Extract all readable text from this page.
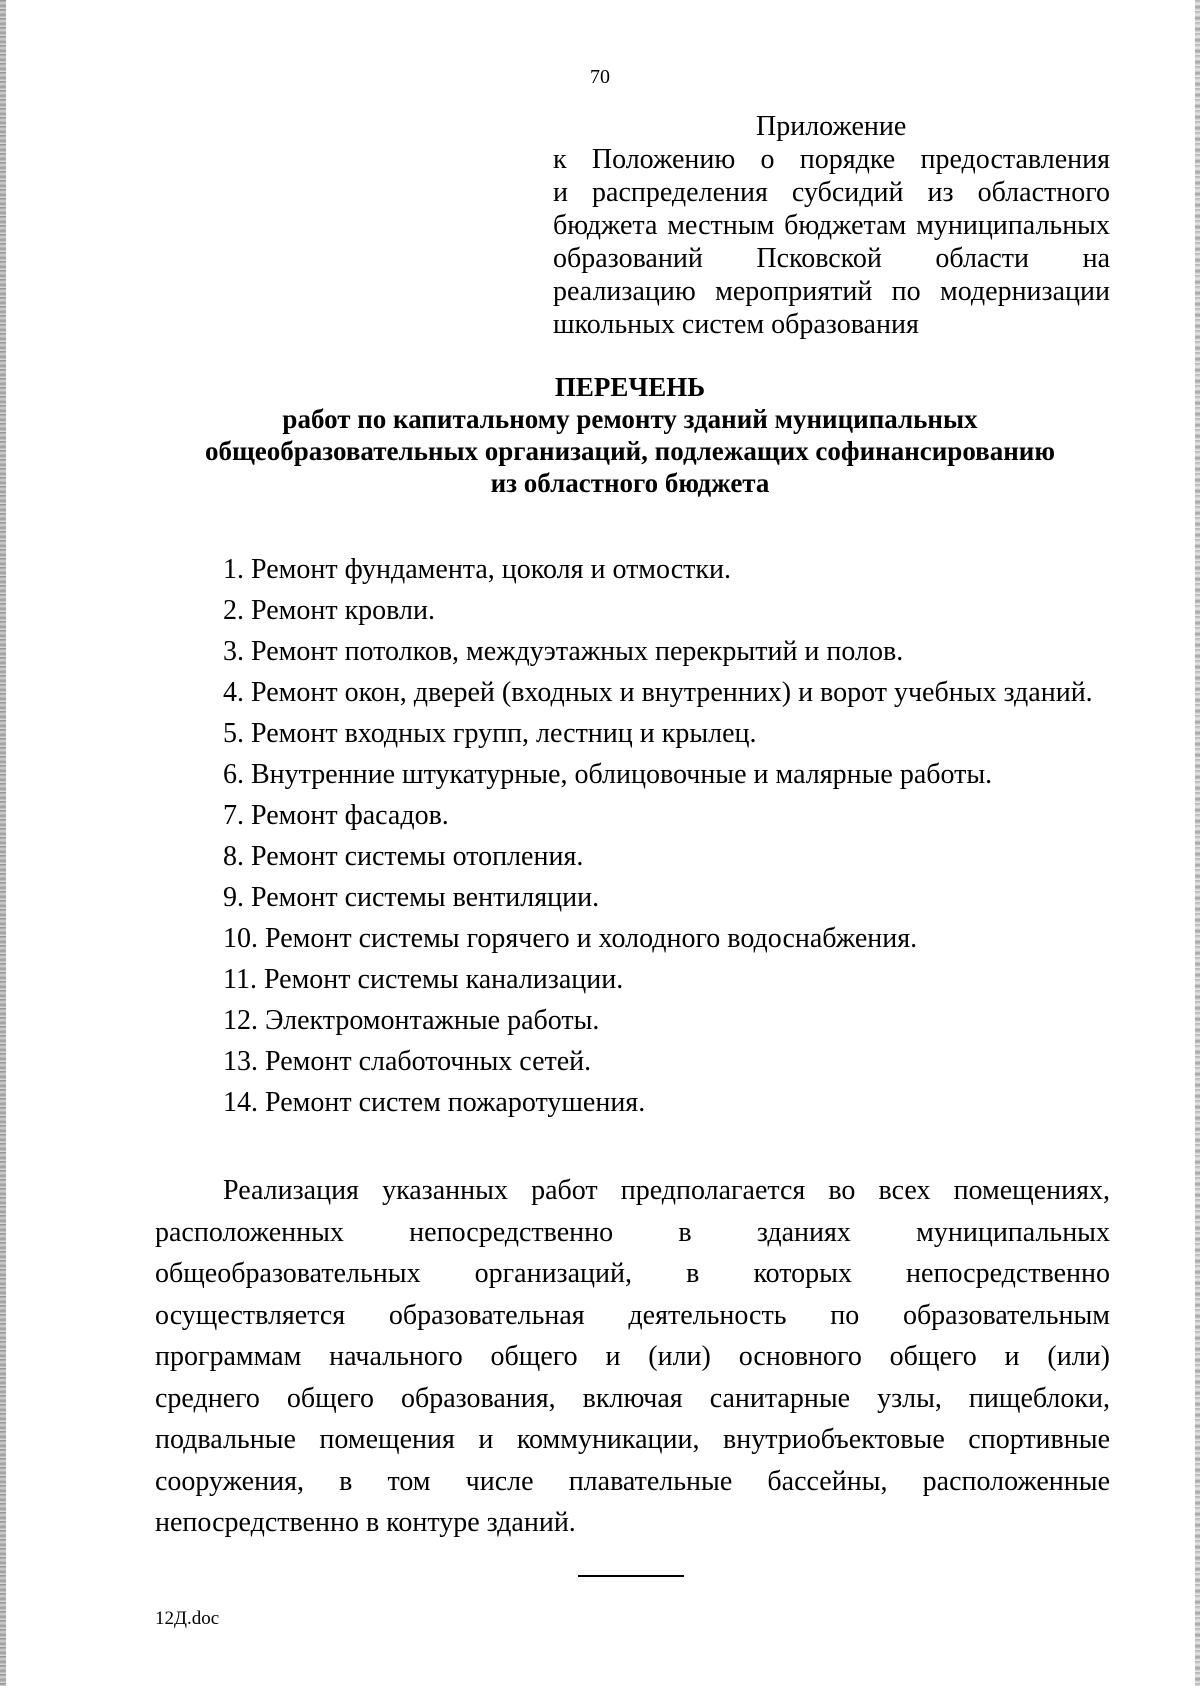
70
Приложение
к Положению о порядке предоставления
и распределения субсидий из областного
бюджета местным бюджетам муниципальных
образований Псковской области на
реализацию мероприятий по модернизации
школьных систем образования
ПЕРЕЧЕНЬ
работ по капитальному ремонту зданий муниципальных
общеобразовательных организаций, подлежащих софинансированию
из областного бюджета
1. Ремонт фундамента, цоколя и отмостки.
2. Ремонт кровли.
3. Ремонт потолков, междуэтажных перекрытий и полов.
4. Ремонт окон, дверей (входных и внутренних) и ворот учебных зданий.
5. Ремонт входных групп, лестниц и крылец.
6. Внутренние штукатурные, облицовочные и малярные работы.
7. Ремонт фасадов.
8. Ремонт системы отопления.
9. Ремонт системы вентиляции.
10. Ремонт системы горячего и холодного водоснабжения.
11. Ремонт системы канализации.
12. Электромонтажные работы.
13. Ремонт слаботочных сетей.
14. Ремонт систем пожаротушения.
Реализация указанных работ предполагается во всех помещениях,
расположенных непосредственно в зданиях муниципальных
общеобразовательных организаций, в которых непосредственно
осуществляется образовательная деятельность по образовательным
программам начального общего и (или) основного общего и (или)
среднего общего образования, включая санитарные узлы, пищеблоки,
подвальные помещения и коммуникации, внутриобъектовые спортивные
сооружения, в том числе плавательные бассейны, расположенные
непосредственно в контуре зданий.
12Д.doc
